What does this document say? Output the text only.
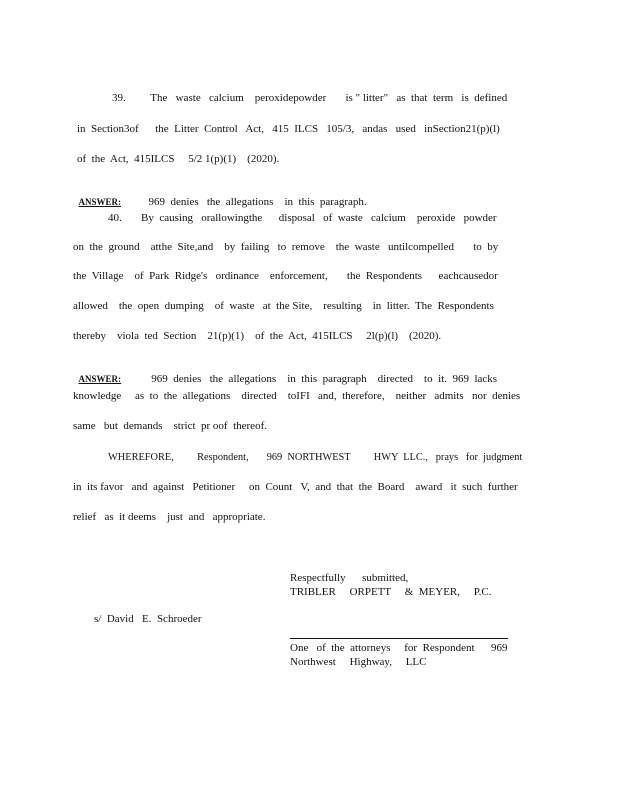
39.         The   waste   calcium    peroxidepowder       is " litter"   as  that  term   is  defined
in  Section3of      the  Litter  Control   Act,   415  ILCS   105/3,   andas   used   inSection21(p)(l)
of  the  Act,  415ILCS     5/2 1(p)(1)    (2020).

ANSWER:	969  denies   the  allegations    in  this  paragraph.

40.       By  causing   orallowingthe      disposal   of  waste   calcium    peroxide   powder
on  the  ground    atthe  Site,and    by  failing   to  remove    the  waste   untilcompelled       to  by
the  Village    of  Park  Ridge's   ordinance    enforcement,       the  Respondents      eachcausedor
allowed    the  open  dumping    of  waste   at  the Site,    resulting    in  litter.  The  Respondents
thereby    viola  ted  Section    21(p)(1)    of  the  Act,  415ILCS     2l(p)(l)    (2020).

ANSWER:	969  denies   the  allegations    in  this  paragraph    directed    to  it.  969  lacks

knowledge     as  to  the  allegations    directed    toIFI   and,  therefore,    neither   admits   nor  denies
same   but  demands    strict  pr oof  thereof.
WHEREFORE,         Respondent,       969  NORTHWEST         HWY  LLC.,   prays   for  judgment
in  its favor   and  against   Petitioner     on  Count   V,  and  that  the  Board    award   it  such  further
relief   as  it deems    just  and   appropriate.
Respectfully      submitted,
TRIBLER     ORPETT     &  MEYER,     P.C.
s/  David   E.  Schroeder
One   of  the  attorneys     for  Respondent      969
Northwest     Highway,     LLC
